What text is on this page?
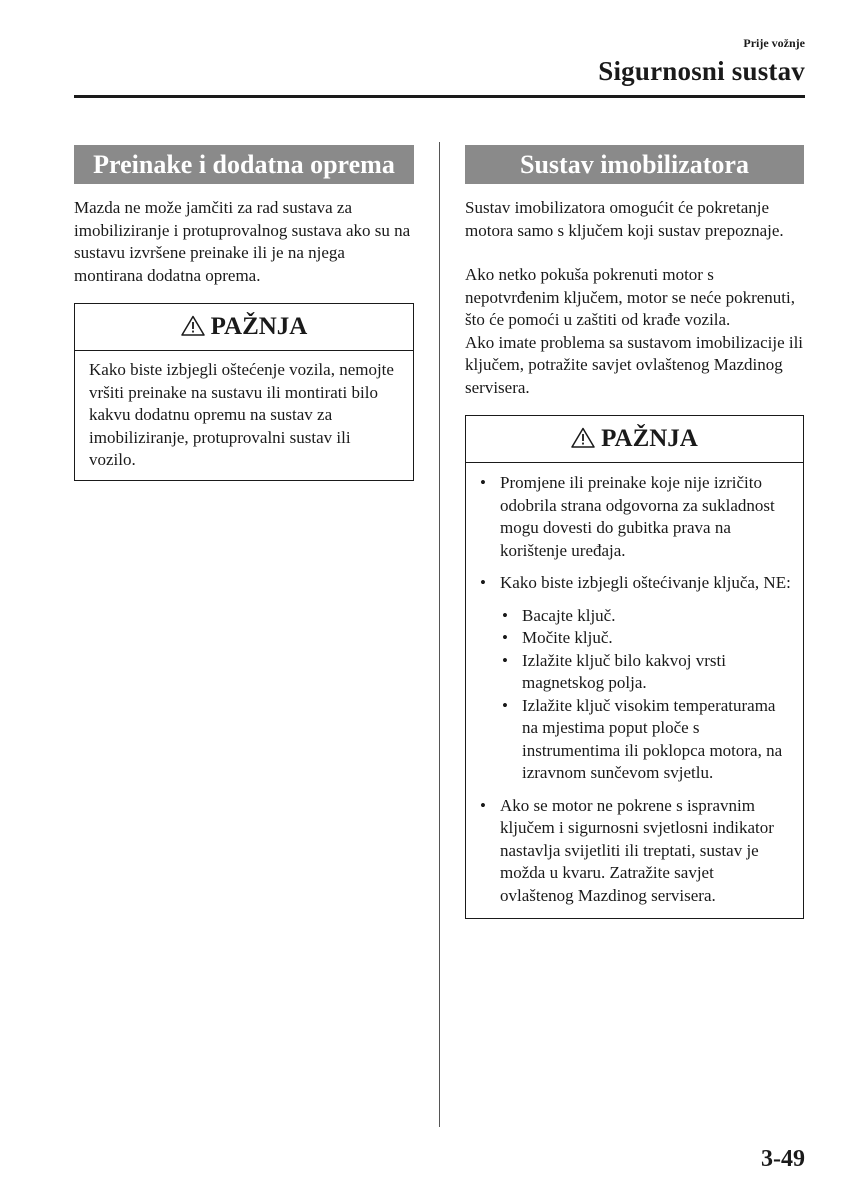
Prije vožnje
Sigurnosni sustav
Preinake i dodatna oprema

Mazda ne može jamčiti za rad sustava za imobiliziranje i protuprovalnog sustava ako su na sustavu izvršene preinake ili je na njega montirana dodatna oprema.

PAŽNJA
Kako biste izbjegli oštećenje vozila, nemojte vršiti preinake na sustavu ili montirati bilo kakvu dodatnu opremu na sustav za imobiliziranje, protuprovalni sustav ili vozilo.
Sustav imobilizatora

Sustav imobilizatora omogućit će pokretanje motora samo s ključem koji sustav prepoznaje.

Ako netko pokuša pokrenuti motor s nepotvrđenim ključem, motor se neće pokrenuti, što će pomoći u zaštiti od krađe vozila.

Ako imate problema sa sustavom imobilizacije ili ključem, potražite savjet ovlaštenog Mazdinog servisera.

PAŽNJA
• Promjene ili preinake koje nije izričito odobrila strana odgovorna za sukladnost mogu dovesti do gubitka prava na korištenje uređaja.
• Kako biste izbjegli oštećivanje ključa, NE:
• Bacajte ključ.
• Močite ključ.
• Izlažite ključ bilo kakvoj vrsti magnetskog polja.
• Izlažite ključ visokim temperaturama na mjestima poput ploče s instrumentima ili poklopca motora, na izravnom sunčevom svjetlu.
• Ako se motor ne pokrene s ispravnim ključem i sigurnosni svjetlosni indikator nastavlja svijetliti ili treptati, sustav je možda u kvaru. Zatražite savjet ovlaštenog Mazdinog servisera.
3-49
